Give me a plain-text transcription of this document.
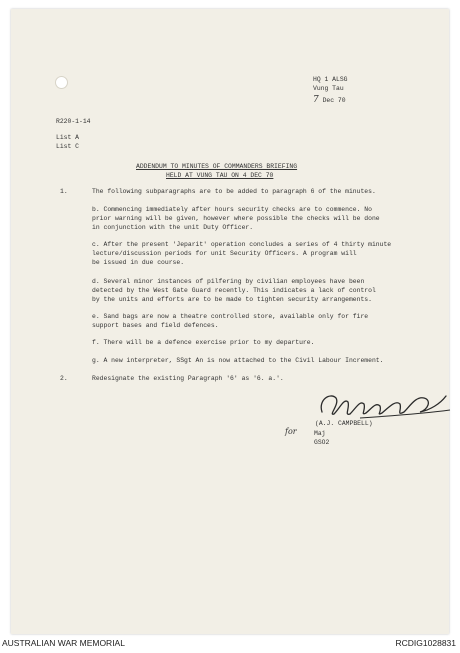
HQ 1 ALSG
Vung Tau
7 Dec 70
R220-1-14
List A
List C
ADDENDUM TO MINUTES OF COMMANDERS BRIEFING
HELD AT VUNG TAU ON 4 DEC 70
1.	The following subparagraphs are to be added to paragraph 6 of the minutes.
b. Commencing immediately after hours security checks are to commence. No
prior warning will be given, however where possible the checks will be done
in conjunction with the unit Duty Officer.
c. After the present 'Jeparit' operation concludes a series of 4 thirty minute
lecture/discussion periods for unit Security Officers. A program will
be issued in due course.
d. Several minor instances of pilfering by civilian employees have been
detected by the West Gate Guard recently. This indicates a lack of control
by the units and efforts are to be made to tighten security arrangements.
e. Sand bags are now a theatre controlled store, available only for fire
support bases and field defences.
f. There will be a defence exercise prior to my departure.
g. A new interpreter, SSgt An is now attached to the Civil Labour Increment.
2.	Redesignate the existing Paragraph '6' as '6. a.'.
for
(A.J. CAMPBELL)
Maj
GSO2
AUSTRALIAN WAR MEMORIAL	RCDIG1028831
